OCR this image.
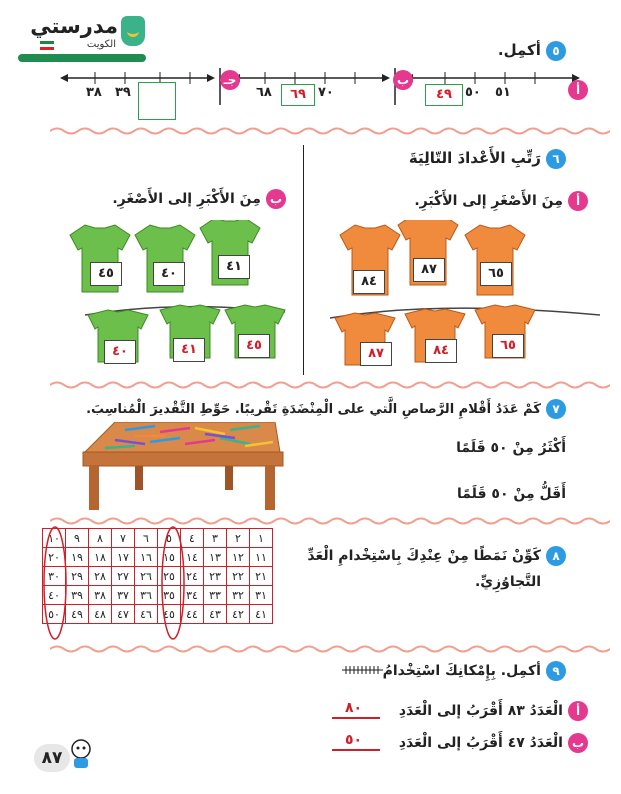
مدرستي
الكويت	٥ أكمِل.
أ
٥١
٥٠
٤٩
ب
٧٠
٦٩
٦٨
جـ
٣٩
٣٨
٦ رَتِّبِ الأَعْدادَ التّالِيَةَ
أ مِنَ الأَصْغَرِ إلى الأَكْبَرِ.
ب مِنَ الأَكْبَرِ إلى الأَصْغَرِ.
٨٤
٨٧	٦٥
٤٥	٤٠	٤١
٨٧	٨٤	٦٥
٤٠	٤١	٤٥
٧ كَمْ عَدَدُ أَقْلامِ الرَّصاصِ الَّتي على الْمِنْضَدَةِ تَقْريبًا. حَوِّطِ التَّقْديرَ الْمُناسِبَ.
أَكْثَرُ مِنْ ٥٠ قَلَمًا
أَقَلُّ مِنْ ٥٠ قَلَمًا
٨ كَوِّنْ نَمَطًا مِنْ عِنْدِكَ بِاسْتِخْدامِ الْعَدِّ
التَّجاوُزِيِّ.
١	٢	٣	٤	٥	٦	٧	٨	٩	١٠
١١	١٢	١٣	١٤	١٥	١٦	١٧	١٨	١٩	٢٠
٢١	٢٢	٢٣	٢٤	٢٥	٢٦	٢٧	٢٨	٢٩	٣٠
٣١	٣٢	٣٣	٣٤	٣٥	٣٦	٣٧	٣٨	٣٩	٤٠
٤١	٤٢	٤٣	٤٤	٤٥	٤٦	٤٧	٤٨	٤٩	٥٠
٩ أكمِل. بِإِمْكانِكَ اسْتِخْدامُ
أ الْعَدَدُ ٨٣ أَقْرَبُ إلى الْعَدَدِ
٨٠
ب الْعَدَدُ ٤٧ أَقْرَبُ إلى الْعَدَدِ
٥٠
٨٧
